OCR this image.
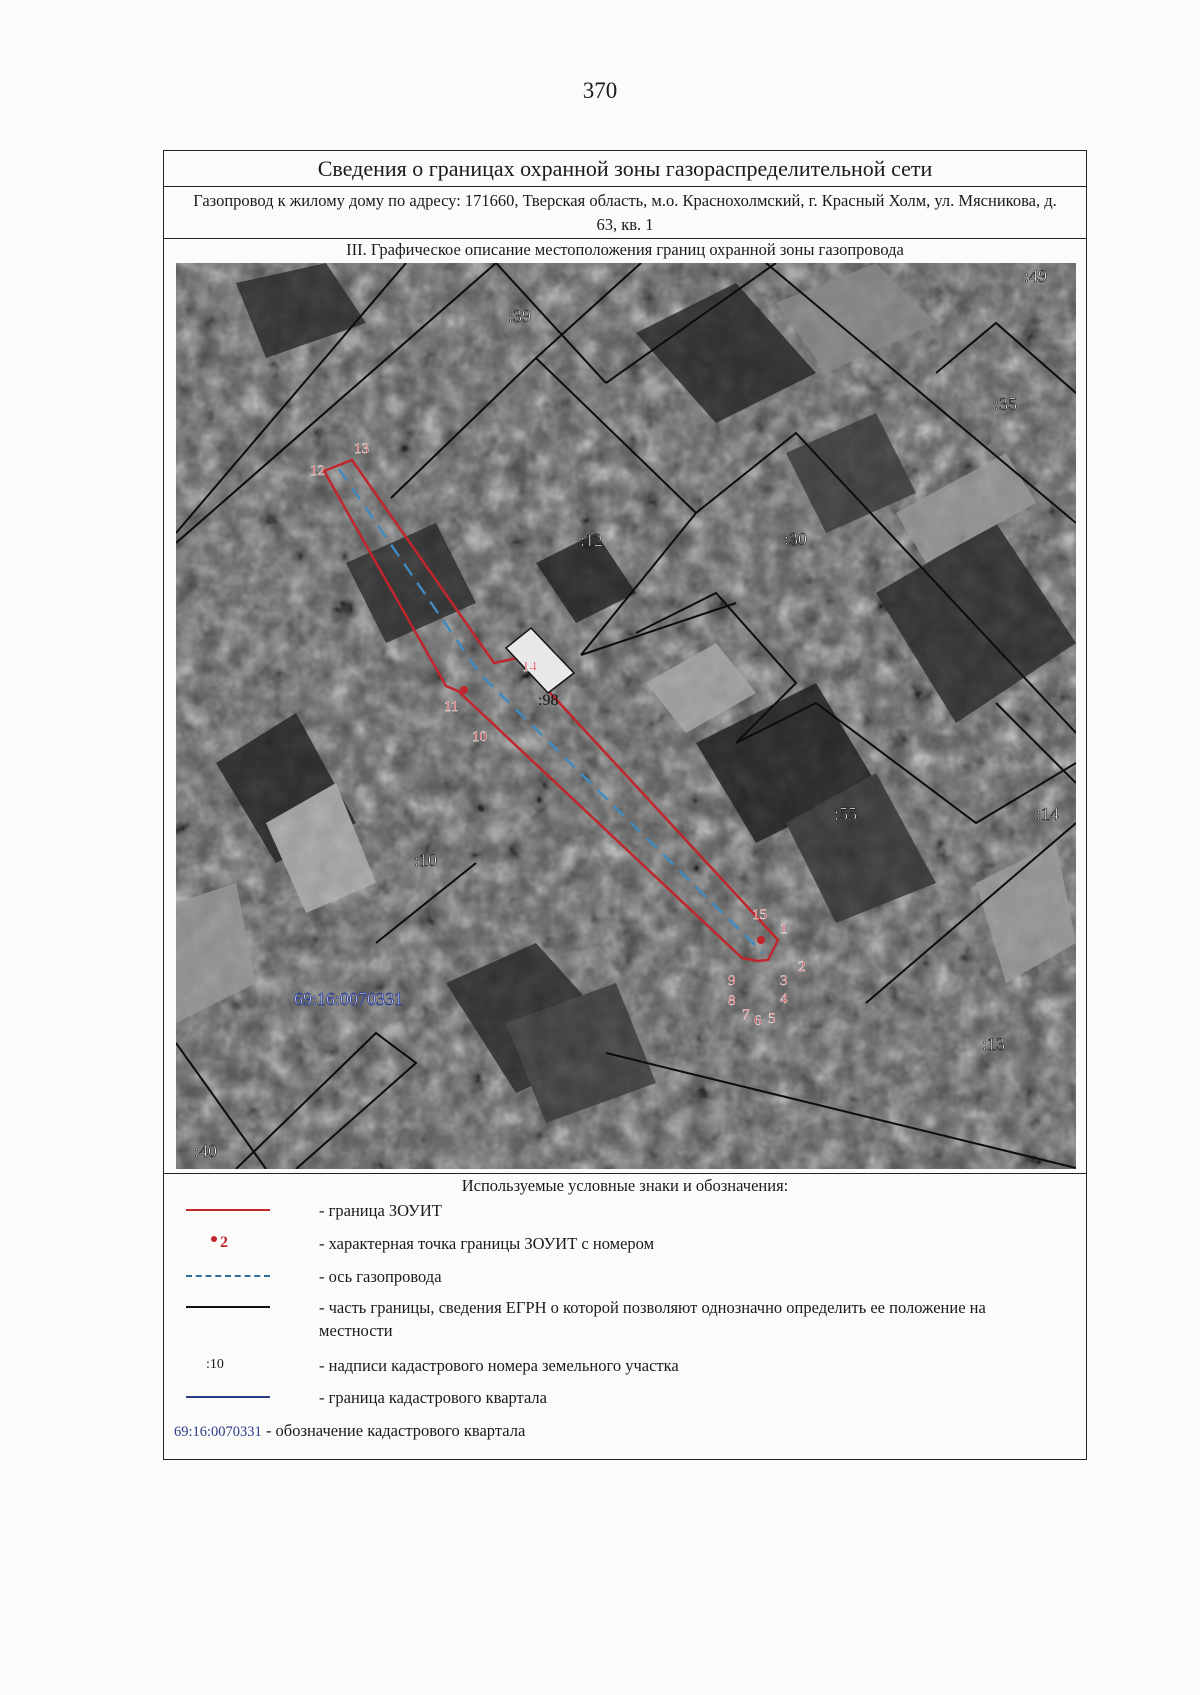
370
Сведения о границах охранной зоны газораспределительной сети
Газопровод к жилому дому по адресу: 171660, Тверская область, м.о. Краснохолмский, г. Красный Холм, ул. Мясникова, д. 63, кв. 1
III. Графическое описание местоположения границ охранной зоны газопровода
1
2
3
4
5
6
7
8
9
10
11
12
13
14
15
:39
:49
:35
:12	:30
:98
:55	:14
:10
:13
:40
69:16:0070331
Используемые условные знаки и обозначения:
- граница ЗОУИТ
2	- характерная точка границы ЗОУИТ с номером
- ось газопровода
- часть границы, сведения ЕГРН о которой позволяют однозначно определить ее положение на местности
:10	- надписи кадастрового номера земельного участка
- граница кадастрового квартала
69:16:0070331 - обозначение кадастрового квартала
